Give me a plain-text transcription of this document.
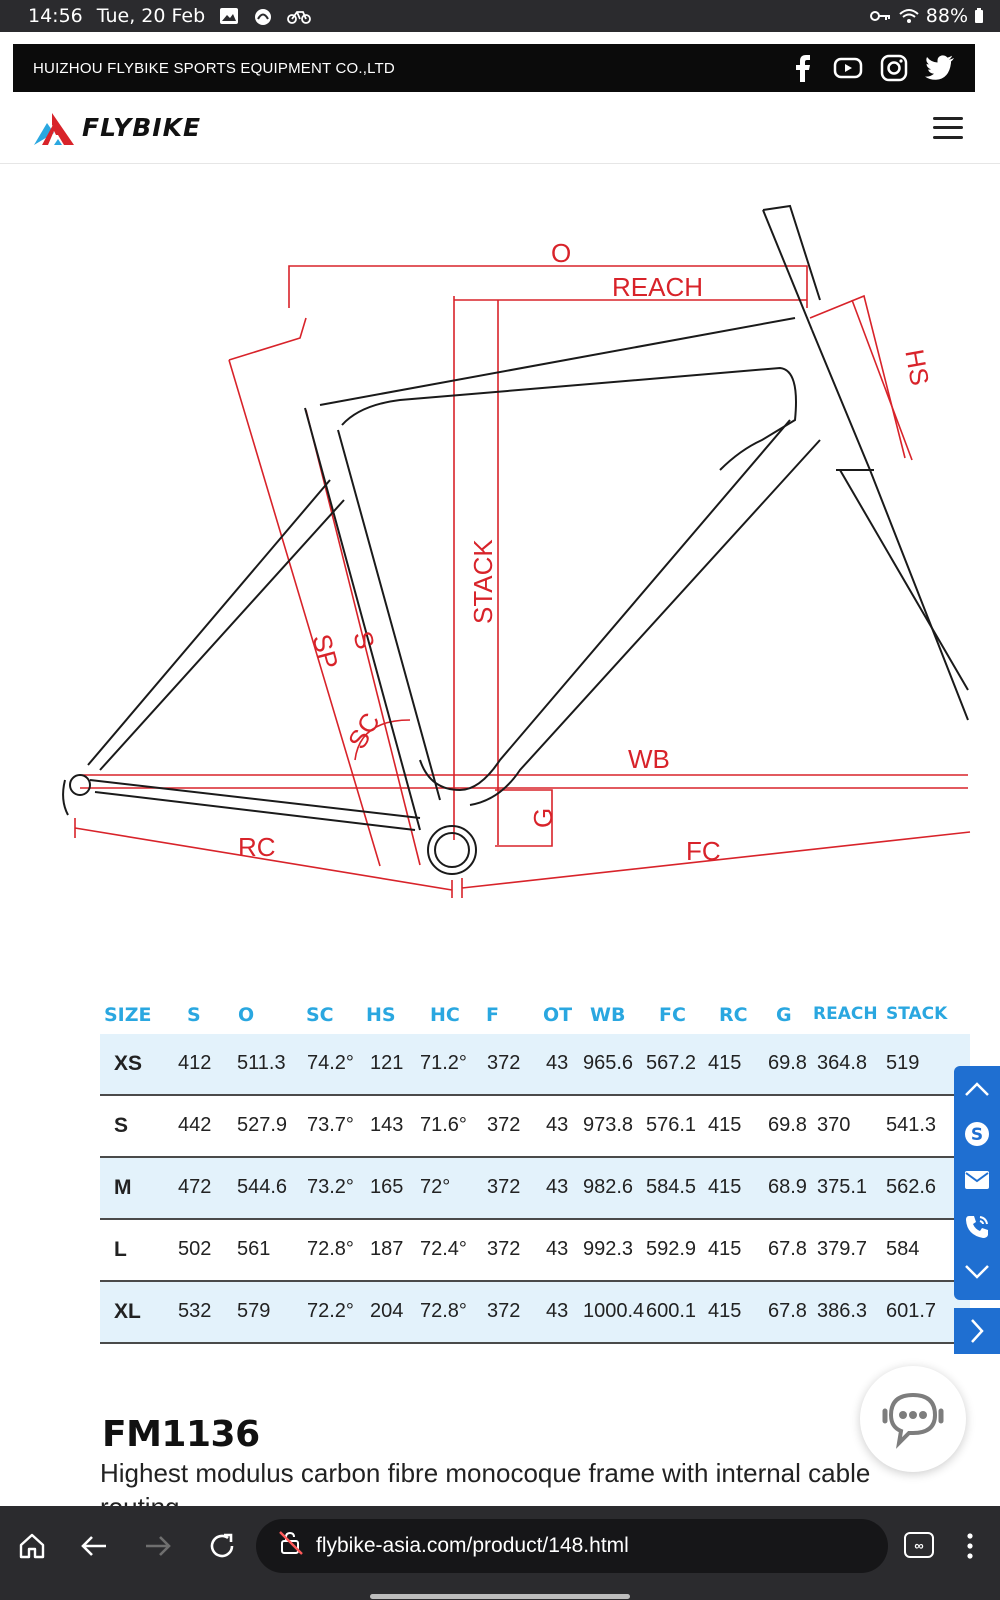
14:56 Tue, 20 Feb	88%
HUIZHOU FLYBIKE SPORTS EQUIPMENT CO.,LTD
FLYBIKE
O
REACH
HS
STACK
SP S
SC
WB
G
RC	FC
SIZE S O	SC HS HC F OT WB FC RC G REACH STACK
XS 412 511.3 74.2° 121 71.2° 372 43 965.6 567.2 415 69.8 364.8 519
S 442 527.9 73.7° 143 71.6° 372 43 973.8 576.1 415 69.8 370 541.3
M 472 544.6 73.2° 165 72° 372 43 982.6 584.5 415 68.9 375.1 562.6
L	502 561 72.8° 187 72.4° 372 43 992.3 592.9 415 67.8 379.7 584
XL 532 579 72.2° 204 72.8° 372 43 1000.4 600.1 415 67.8 386.3 601.7
FM1136
Highest modulus carbon fibre monocoque frame with internal cable
S
flybike-asia.com/product/148.html	∞
